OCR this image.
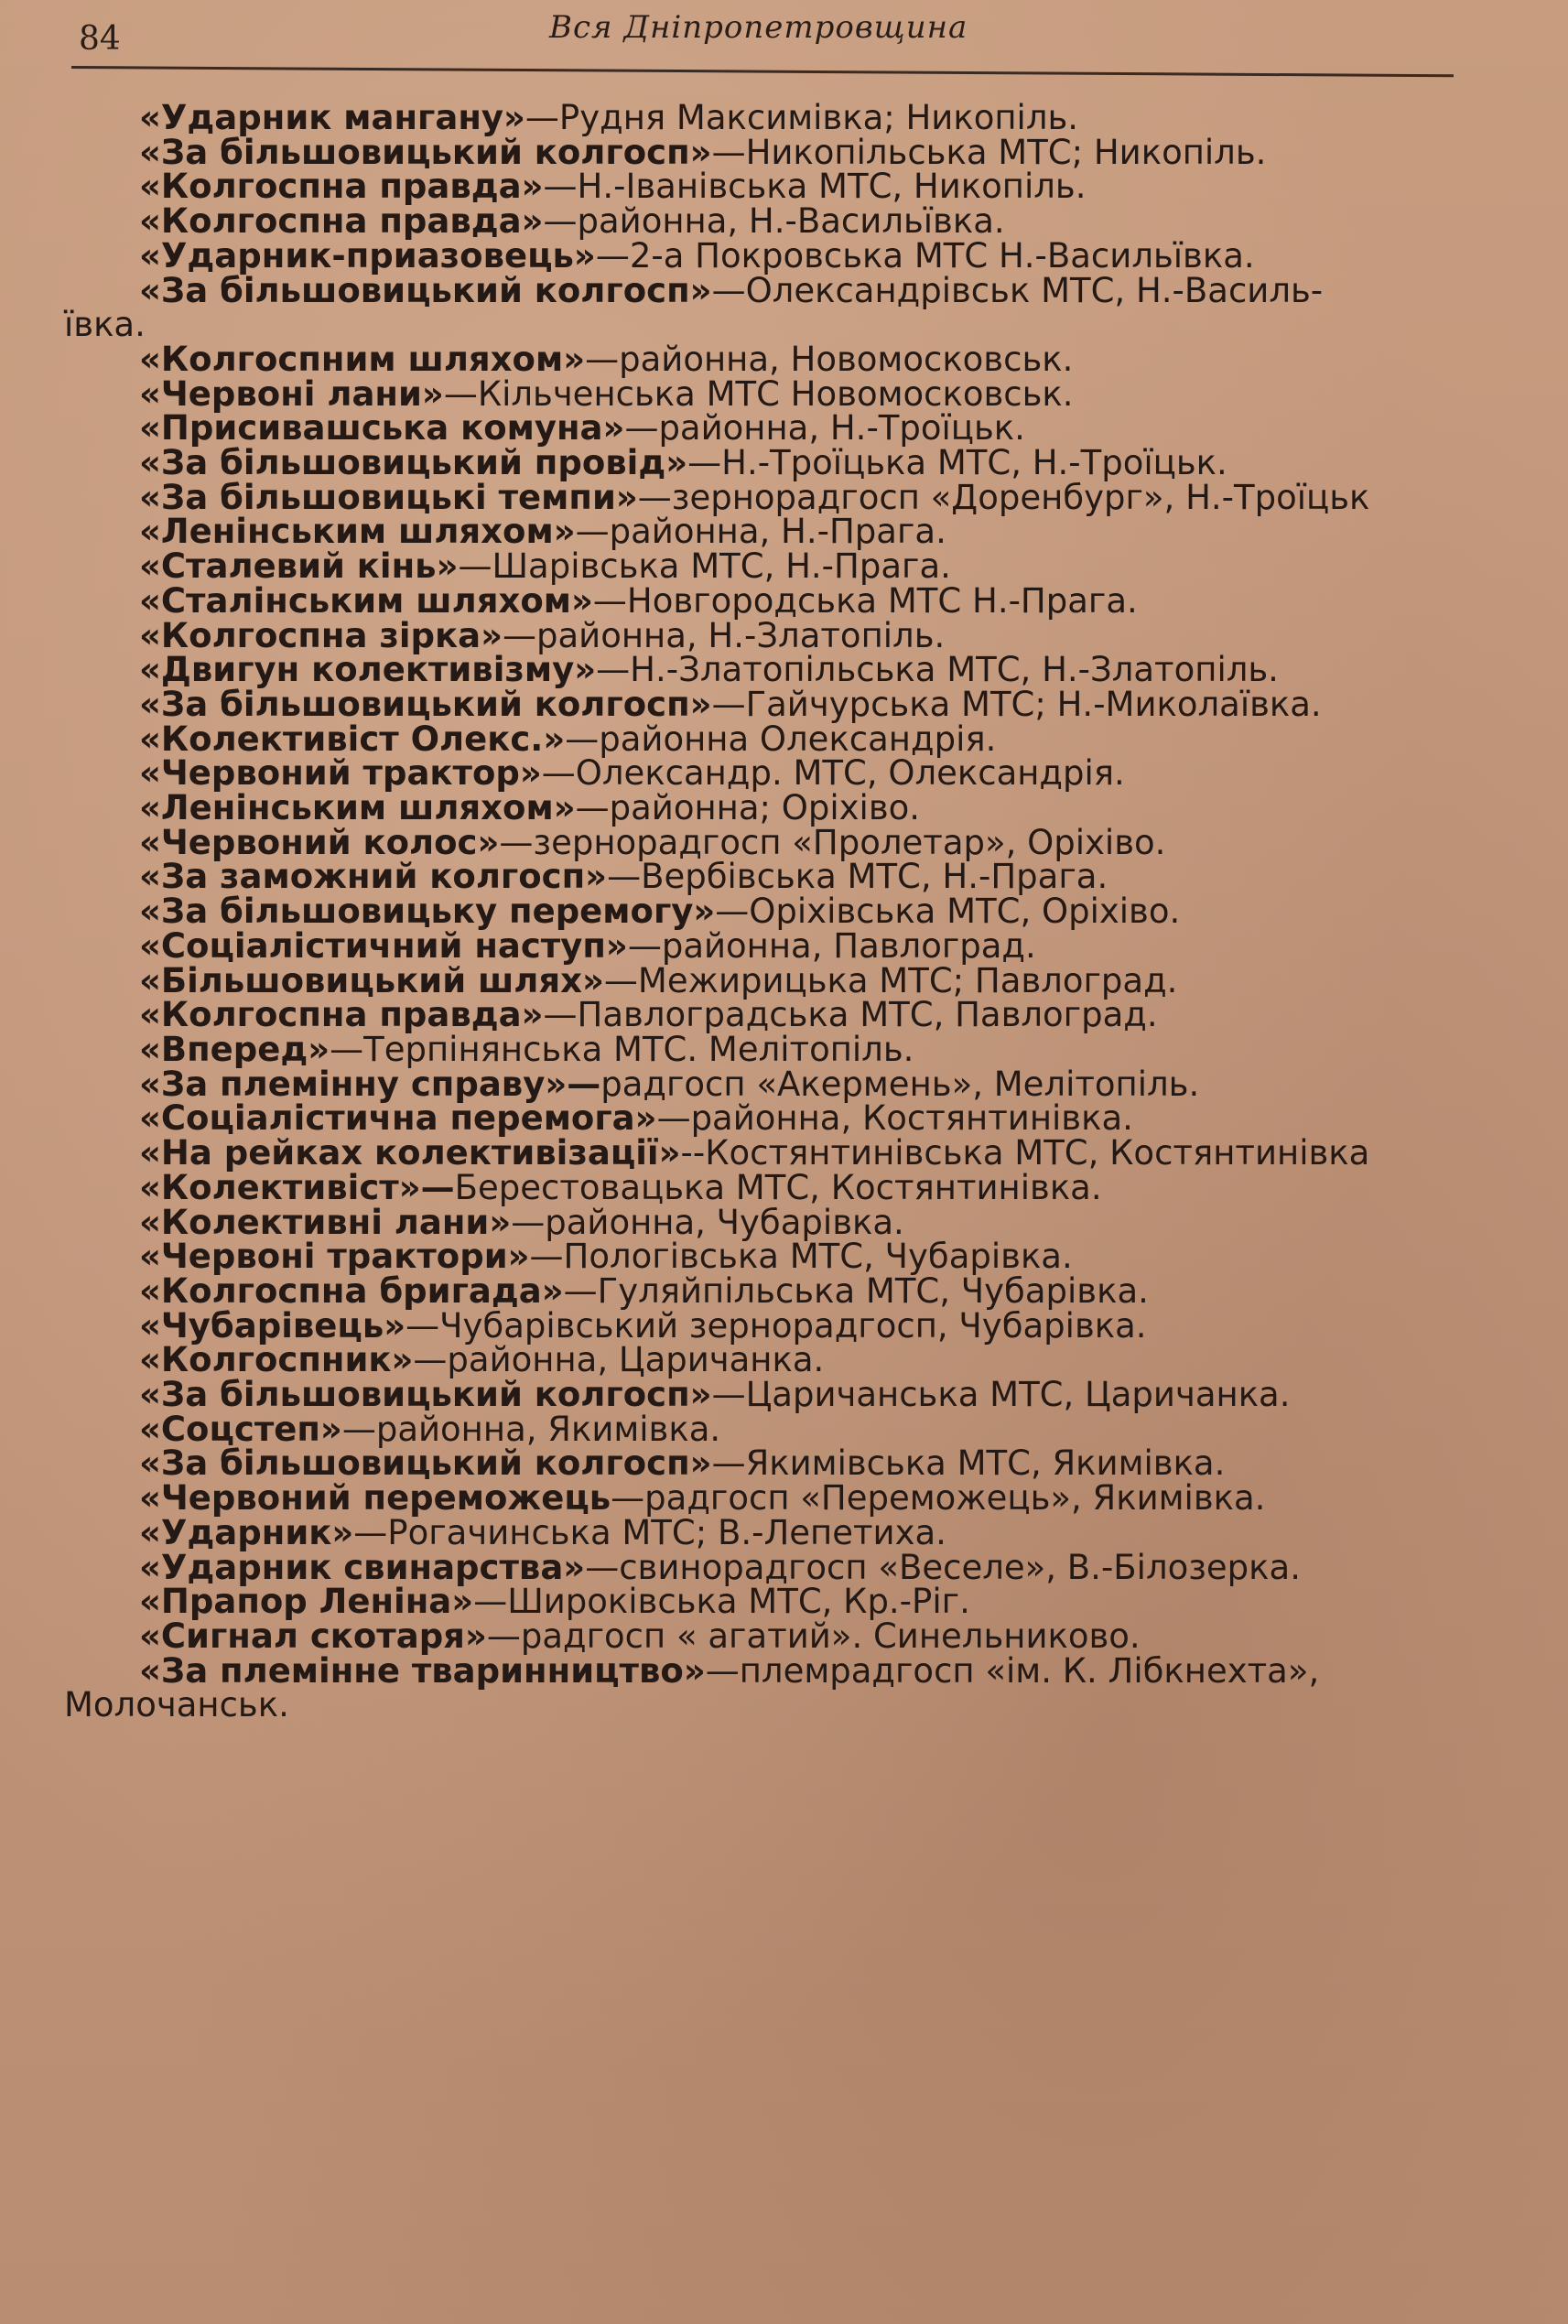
84	Вся Дніпропетровщина
«Ударник мангану»—Рудня Максимівка; Никопіль.
«За більшовицький колгосп»—Никопільська МТС; Никопіль.
«Колгоспна правда»—Н.-Іванівська МТС, Никопіль.
«Колгоспна правда»—районна, Н.-Васильївка.
«Ударник-приазовець»—2-а Покровська МТС Н.-Васильївка.
«За більшовицький колгосп»—Олександрівськ МТС, Н.-Василь-
ївка.
«Колгоспним шляхом»—районна, Новомосковськ.
«Червоні лани»—Кільченська МТС Новомосковськ.
«Присивашська комуна»—районна, Н.-Троїцьк.
«За більшовицький провід»—Н.-Троїцька МТС, Н.-Троїцьк.
«За більшовицькі темпи»—зернорадгосп «Доренбург», Н.-Троїцьк
«Ленінським шляхом»—районна, Н.-Прага.
«Сталевий кінь»—Шарівська МТС, Н.-Прага.
«Сталінським шляхом»—Новгородська МТС Н.-Прага.
«Колгоспна зірка»—районна, Н.-Златопіль.
«Двигун колективізму»—Н.-Златопільська МТС, Н.-Златопіль.
«За більшовицький колгосп»—Гайчурська МТС; Н.-Миколаївка.
«Колективіст Олекс.»—районна Олександрія.
«Червоний трактор»—Олександр. МТС, Олександрія.
«Ленінським шляхом»—районна; Оріхіво.
«Червоний колос»—зернорадгосп «Пролетар», Оріхіво.
«За заможний колгосп»—Вербівська МТС, Н.-Прага.
«За більшовицьку перемогу»—Оріхівська МТС, Оріхіво.
«Соціалістичний наступ»—районна, Павлоград.
«Більшовицький шлях»—Межирицька МТС; Павлоград.
«Колгоспна правда»—Павлоградська МТС, Павлоград.
«Вперед»—Терпінянська МТС. Мелітопіль.
«За племінну справу»—радгосп «Акермень», Мелітопіль.
«Соціалістична перемога»—районна, Костянтинівка.
«На рейках колективізації»--Костянтинівська МТС, Костянтинівка
«Колективіст»—Берестовацька МТС, Костянтинівка.
«Колективні лани»—районна, Чубарівка.
«Червоні трактори»—Пологівська МТС, Чубарівка.
«Колгоспна бригада»—Гуляйпільська МТС, Чубарівка.
«Чубарівець»—Чубарівський зернорадгосп, Чубарівка.
«Колгоспник»—районна, Царичанка.
«За більшовицький колгосп»—Царичанська МТС, Царичанка.
«Соцстеп»—районна, Якимівка.
«За більшовицький колгосп»—Якимівська МТС, Якимівка.
«Червоний переможець—радгосп «Переможець», Якимівка.
«Ударник»—Рогачинська МТС; В.-Лепетиха.
«Ударник свинарства»—свинорадгосп «Веселе», В.-Білозерка.
«Прапор Леніна»—Широківська МТС, Кр.-Ріг.
«Сигнал скотаря»—радгосп « агатий». Синельниково.
«За племінне тваринництво»—племрадгосп «ім. К. Лібкнехта»,
Молочанськ.
